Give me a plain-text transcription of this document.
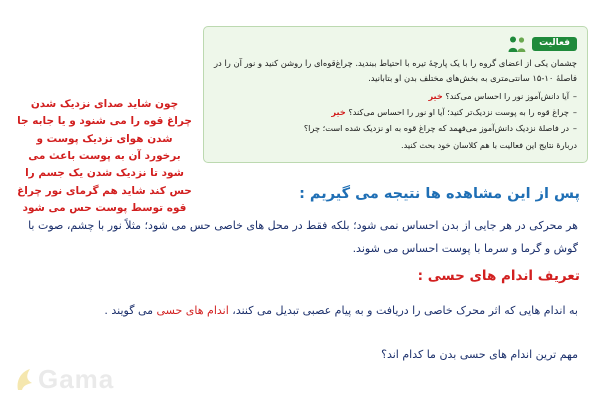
فعالیت

چشمان یکی از اعضای گروه را با یک پارچهٔ تیره با احتیاط ببندید. چراغ‌قوه‌ای را روشن کنید و نور آن را در فاصلهٔ ۱۰-۱۵ سانتی‌متری به بخش‌های مختلف بدن او بتابانید.

– آیا دانش‌آموز نور را احساس می‌کند؟ خیر
– چراغ قوه را به پوست نزدیک‌تر کنید؛ آیا او نور را احساس می‌کند؟ خیر
– در فاصلهٔ نزدیک دانش‌آموز می‌فهمد که چراغ قوه به او نزدیک شده است؛ چرا؟

دربارهٔ نتایج این فعالیت با هم کلاسان خود بحث کنید.

چون شاید صدای نزدیک شدن چراغ قوه را می شنود و یا جابه جا شدن هوای نزدیک پوست و برخورد آن به پوست باعث می شود تا نزدیک شدن یک جسم را حس کند شاید هم گرمای نور چراغ قوه توسط پوست حس می شود
پس از این مشاهده ها نتیجه می گیریم :
هر محرکی در هر جایی از بدن احساس نمی شود؛ بلکه فقط در محل های خاصی حس می شود؛ مثلاً نور با چشم، صوت با گوش و گرما و سرما با پوست احساس می شوند.
تعریف اندام های حسی :
به اندام هایی که اثر محرک خاصی را دریافت و به پیام عصبی تبدیل می کنند، اندام های حسی می گویند .
مهم ترین اندام های حسی بدن ما کدام اند؟
Gama
